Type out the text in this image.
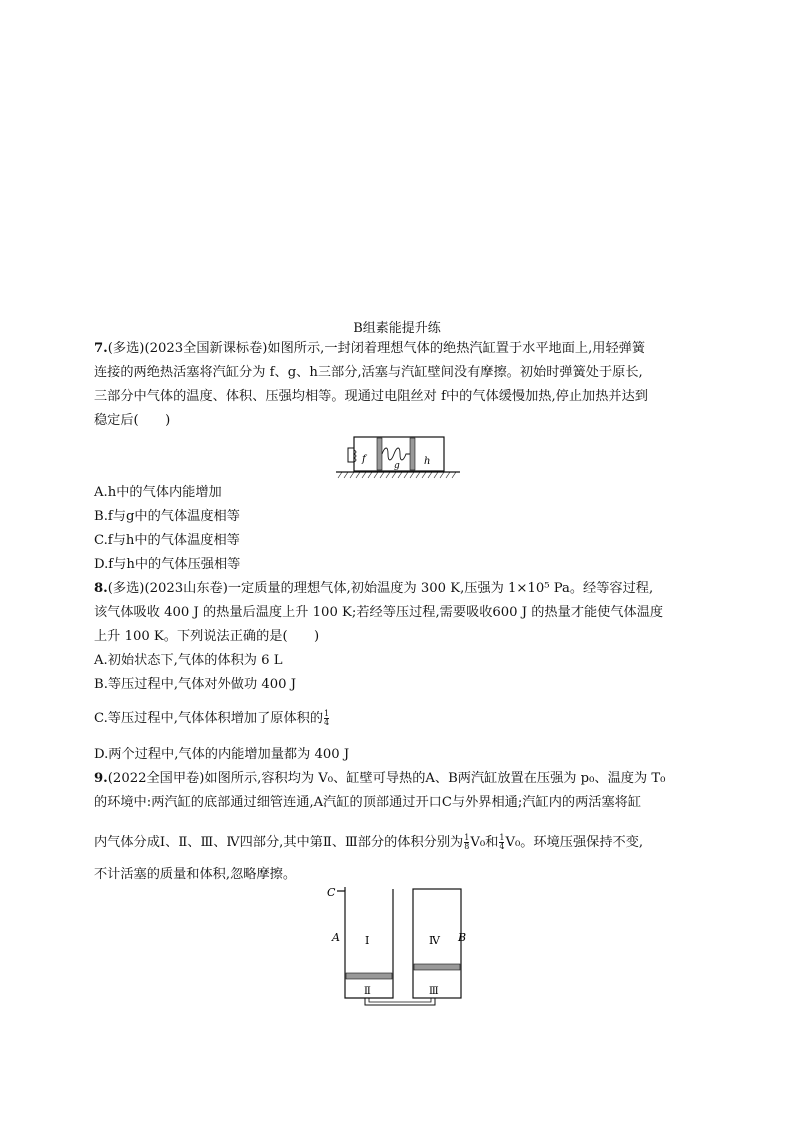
B组素能提升练
7.(多选)(2023全国新课标卷)如图所示,一封闭着理想气体的绝热汽缸置于水平地面上,用轻弹簧
连接的两绝热活塞将汽缸分为 f、g、h三部分,活塞与汽缸壁间没有摩擦。初始时弹簧处于原长,
三部分中气体的温度、体积、压强均相等。现通过电阻丝对 f中的气体缓慢加热,停止加热并达到
稳定后(　　)
f
g h
A.h中的气体内能增加
B.f与g中的气体温度相等
C.f与h中的气体温度相等
D.f与h中的气体压强相等
8.(多选)(2023山东卷)一定质量的理想气体,初始温度为 300 K,压强为 1×10⁵ Pa。经等容过程,
该气体吸收 400 J 的热量后温度上升 100 K;若经等压过程,需要吸收600 J 的热量才能使气体温度
上升 100 K。下列说法正确的是(　　)
A.初始状态下,气体的体积为 6 L
B.等压过程中,气体对外做功 400 J
C.等压过程中,气体体积增加了原体积的 $\frac{1}{4}$
D.两个过程中,气体的内能增加量都为 400 J
9.(2022全国甲卷)如图所示,容积均为 V₀、缸壁可导热的A、B两汽缸放置在压强为 p₀、温度为 T₀
的环境中:两汽缸的底部通过细管连通,A汽缸的顶部通过开口C与外界相通;汽缸内的两活塞将缸
内气体分成Ⅰ、Ⅱ、Ⅲ、Ⅳ四部分,其中第Ⅱ、Ⅲ部分的体积分别为 $\frac{1}{8} V_0$和 $\frac{1}{4} V_0$。环境压强保持不变,
不计活塞的质量和体积,忽略摩擦。
C
A	B
Ⅰ	Ⅳ
Ⅱ	Ⅲ
